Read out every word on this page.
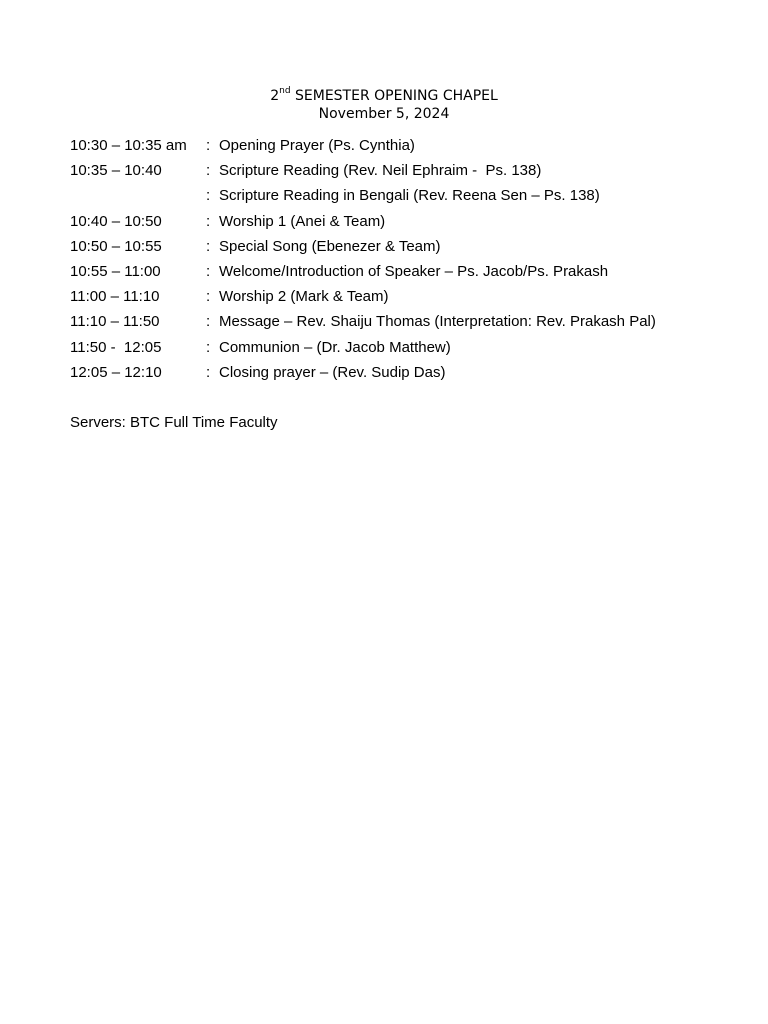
2nd SEMESTER OPENING CHAPEL
November 5, 2024
10:30 – 10:35 am : Opening Prayer (Ps. Cynthia)
10:35 – 10:40	: Scripture Reading (Rev. Neil Ephraim -  Ps. 138)
: Scripture Reading in Bengali (Rev. Reena Sen – Ps. 138)
10:40 – 10:50	: Worship 1 (Anei & Team)
10:50 – 10:55	: Special Song (Ebenezer & Team)
10:55 – 11:00	: Welcome/Introduction of Speaker – Ps. Jacob/Ps. Prakash
11:00 – 11:10	: Worship 2 (Mark & Team)
11:10 – 11:50	: Message – Rev. Shaiju Thomas (Interpretation: Rev. Prakash Pal)
11:50 -  12:05	: Communion – (Dr. Jacob Matthew)
12:05 – 12:10	: Closing prayer – (Rev. Sudip Das)
Servers: BTC Full Time Faculty
